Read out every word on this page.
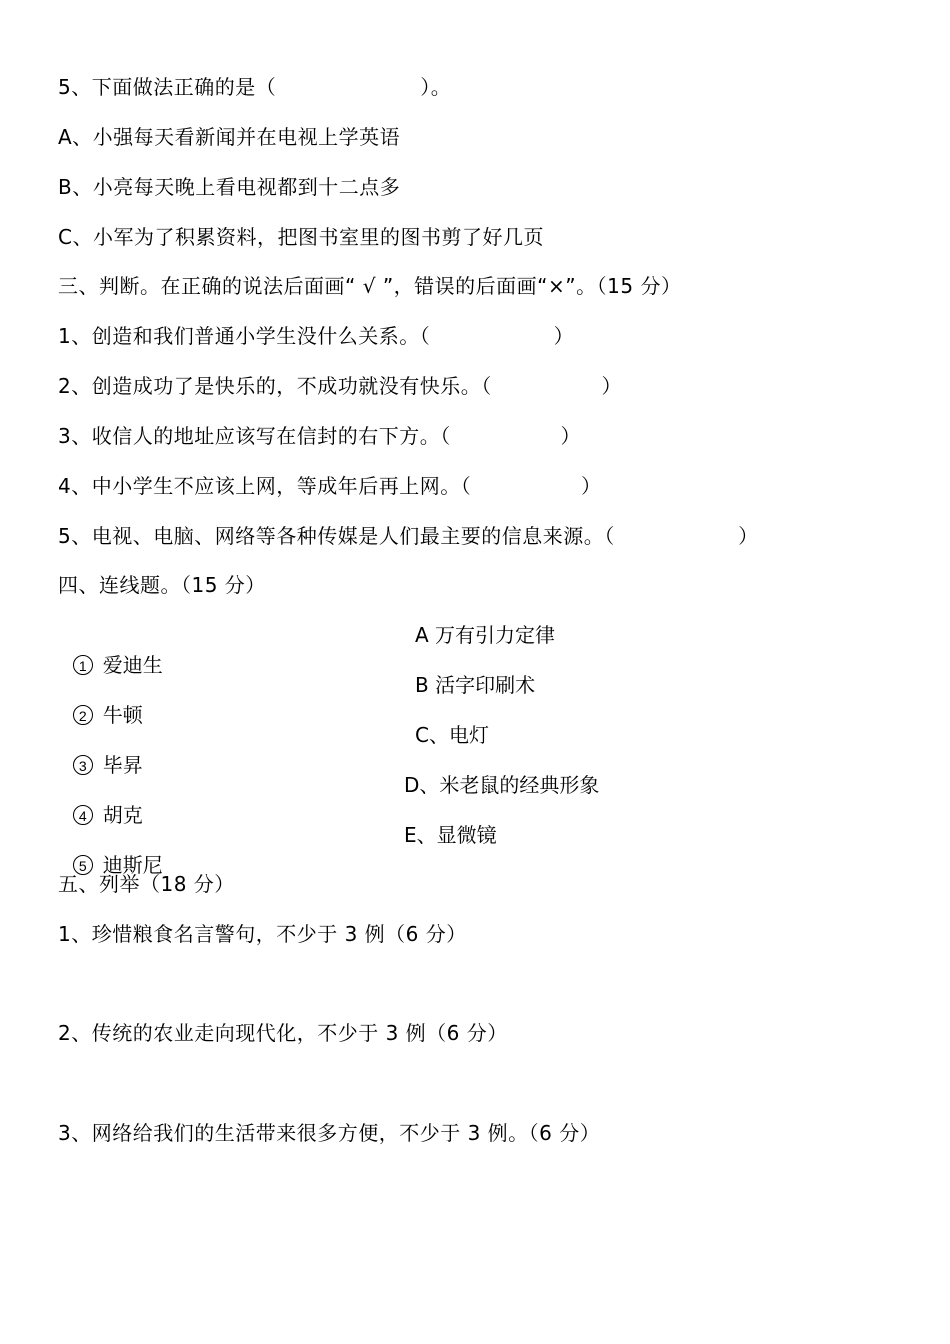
5、下面做法正确的是（                     ）。
A、小强每天看新闻并在电视上学英语
B、小亮每天晚上看电视都到十二点多
C、小军为了积累资料，把图书室里的图书剪了好几页
三、判断。在正确的说法后面画“ √ ”，错误的后面画“×”。（15 分）
1、创造和我们普通小学生没什么关系。（                  ）
2、创造成功了是快乐的，不成功就没有快乐。（                ）
3、收信人的地址应该写在信封的右下方。（                ）
4、中小学生不应该上网，等成年后再上网。（                ）
5、电视、电脑、网络等各种传媒是人们最主要的信息来源。（                  ）
四、连线题。（15 分）

1 爱迪生

A 万有引力定律

2 牛顿

B 活字印刷术

3 毕昇

C、电灯

4 胡克

D、米老鼠的经典形象

5 迪斯尼

E、显微镜
五、列举（18 分）
1、珍惜粮食名言警句，不少于 3 例（6 分）
2、传统的农业走向现代化，不少于 3 例（6 分）
3、网络给我们的生活带来很多方便，不少于 3 例。（6 分）
